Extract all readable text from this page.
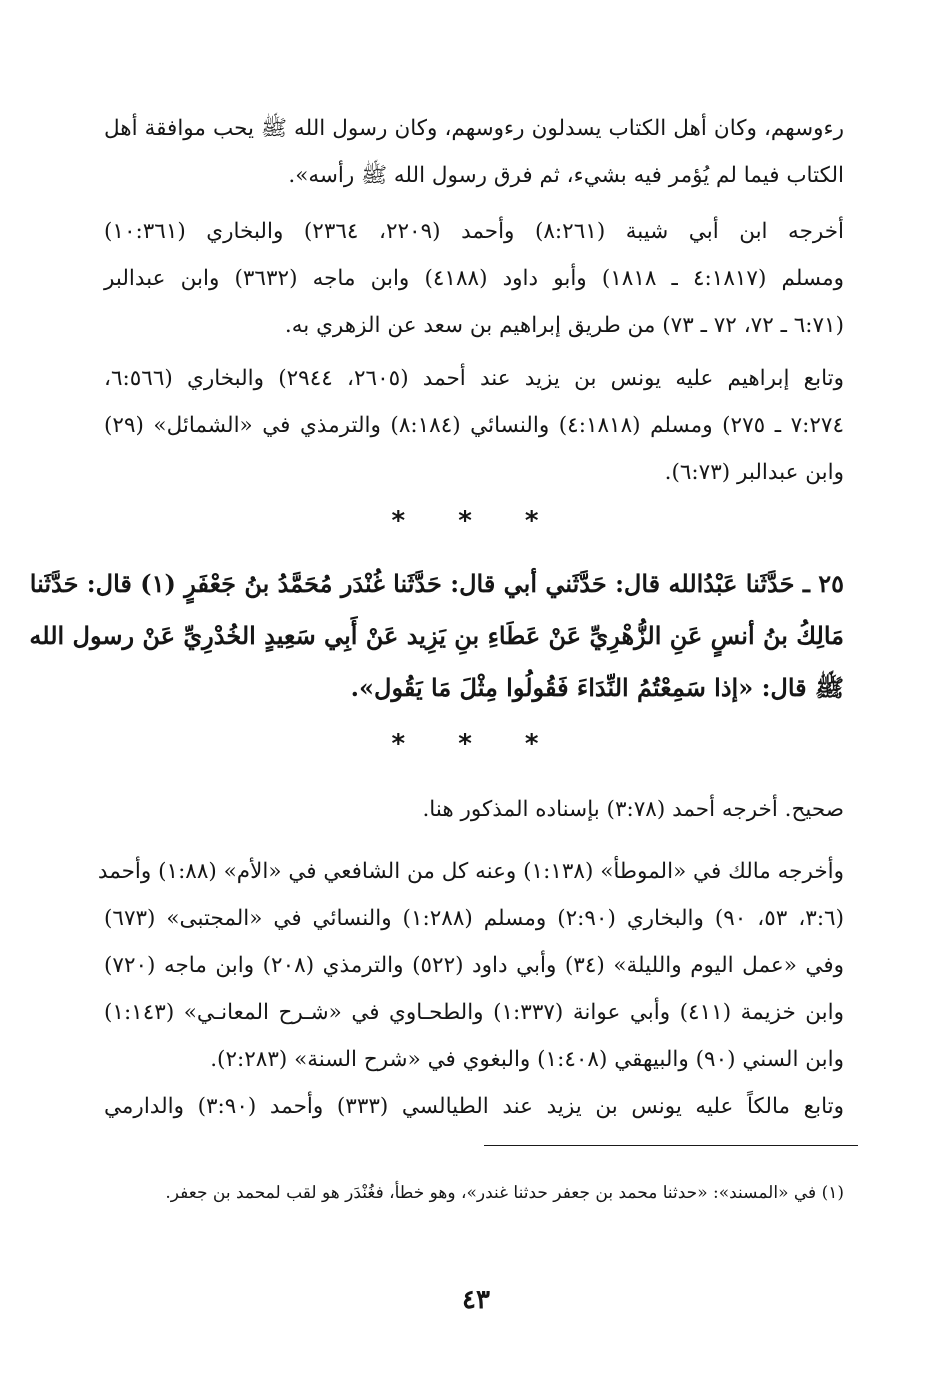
رءوسهم، وكان أهل الكتاب يسدلون رءوسهم، وكان رسول الله ﷺ يحب موافقة أهل
الكتاب فيما لم يُؤمر فيه بشيء، ثم فرق رسول الله ﷺ رأسه».
أخرجه ابن أبي شيبة (٨:٢٦١) وأحمد (٢٢٠٩، ٢٣٦٤) والبخاري (١٠:٣٦١)
ومسلم (٤:١٨١٧ ـ ١٨١٨) وأبو داود (٤١٨٨) وابن ماجه (٣٦٣٢) وابن عبدالبر
(٦:٧١ ـ ٧٢، ٧٢ ـ ٧٣) من طريق إبراهيم بن سعد عن الزهري به.
وتابع إبراهيم عليه يونس بن يزيد عند أحمد (٢٦٠٥، ٢٩٤٤) والبخاري (٦:٥٦٦،
٧:٢٧٤ ـ ٢٧٥) ومسلم (٤:١٨١٨) والنسائي (٨:١٨٤) والترمذي في «الشمائل» (٢٩)
وابن عبدالبر (٦:٧٣).
* * *
٢٥ ـ حَدَّثَنا عَبْدُالله قال: حَدَّثَني أبي قال: حَدَّثَنا غُنْدَر مُحَمَّدُ بنُ جَعْفَرٍ (١) قال: حَدَّثَنا
مَالِكُ بنُ أنسٍ عَنِ الزُّهْرِيِّ عَنْ عَطَاءِ بنِ يَزِيد عَنْ أَبِي سَعِيدٍ الخُدْرِيِّ عَنْ رسول الله
ﷺ قال: «إذا سَمِعْتُمُ النِّدَاءَ فَقُولُوا مِثْلَ مَا يَقُول».
* * *
صحيح. أخرجه أحمد (٣:٧٨) بإسناده المذكور هنا.
وأخرجه مالك في «الموطأ» (١:١٣٨) وعنه كل من الشافعي في «الأم» (١:٨٨) وأحمد
(٣:٦، ٥٣، ٩٠) والبخاري (٢:٩٠) ومسلم (١:٢٨٨) والنسائي في «المجتبى» (٦٧٣)
وفي «عمل اليوم والليلة» (٣٤) وأبي داود (٥٢٢) والترمذي (٢٠٨) وابن ماجه (٧٢٠)
وابن خزيمة (٤١١) وأبي عوانة (١:٣٣٧) والطحـاوي في «شـرح المعانـي» (١:١٤٣)
وابن السني (٩٠) والبيهقي (١:٤٠٨) والبغوي في «شرح السنة» (٢:٢٨٣).
وتابع مالكاً عليه يونس بن يزيد عند الطيالسي (٣٣٣) وأحمد (٣:٩٠) والدارمي
(١) في «المسند»: «حدثنا محمد بن جعفر حدثنا غندر»، وهو خطأ، فغُنْدَر هو لقب لمحمد بن جعفر.
٤٣
